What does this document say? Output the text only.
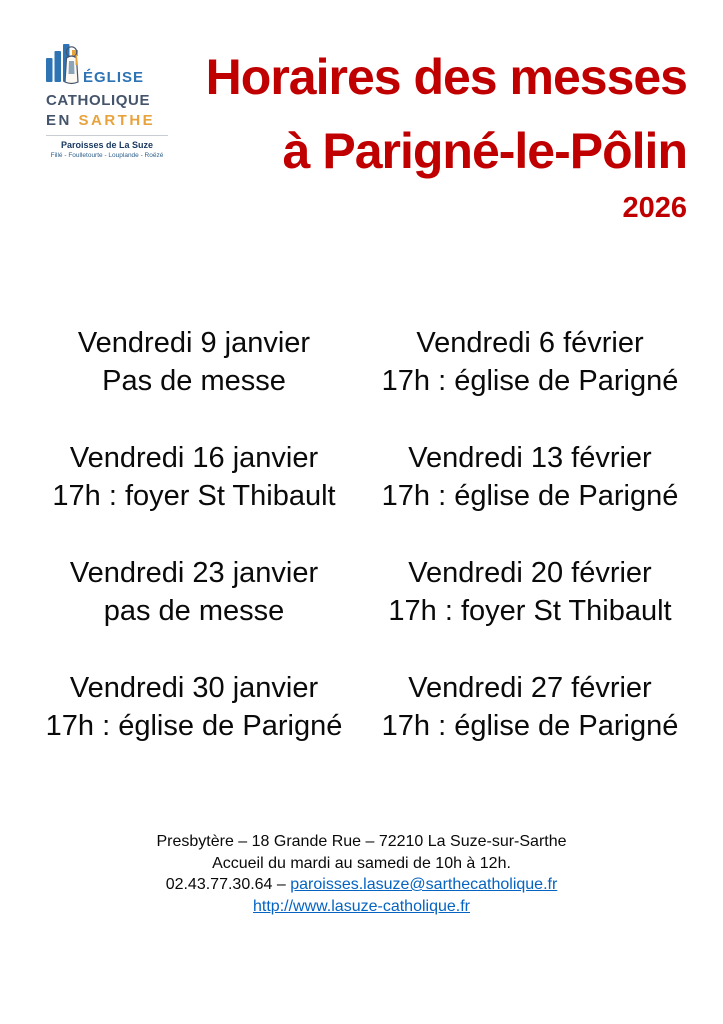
ÉGLISE
CATHOLIQUE
EN SARTHE
Paroisses de La Suze
Fillé - Foulletourte - Louplande - Roëzé
Horaires des messes
à Parigné-le-Pôlin
2026
Vendredi 9 janvier
Pas de messe
Vendredi 6 février
17h : église de Parigné
Vendredi 16 janvier
17h : foyer St Thibault
Vendredi 13 février
17h : église de Parigné
Vendredi 23 janvier
pas de messe
Vendredi 20 février
17h : foyer St Thibault
Vendredi 30 janvier
17h : église de Parigné
Vendredi 27 février
17h : église de Parigné
Presbytère – 18 Grande Rue – 72210 La Suze-sur-Sarthe
Accueil du mardi au samedi de 10h à 12h.
02.43.77.30.64 – paroisses.lasuze@sarthecatholique.fr
http://www.lasuze-catholique.fr
